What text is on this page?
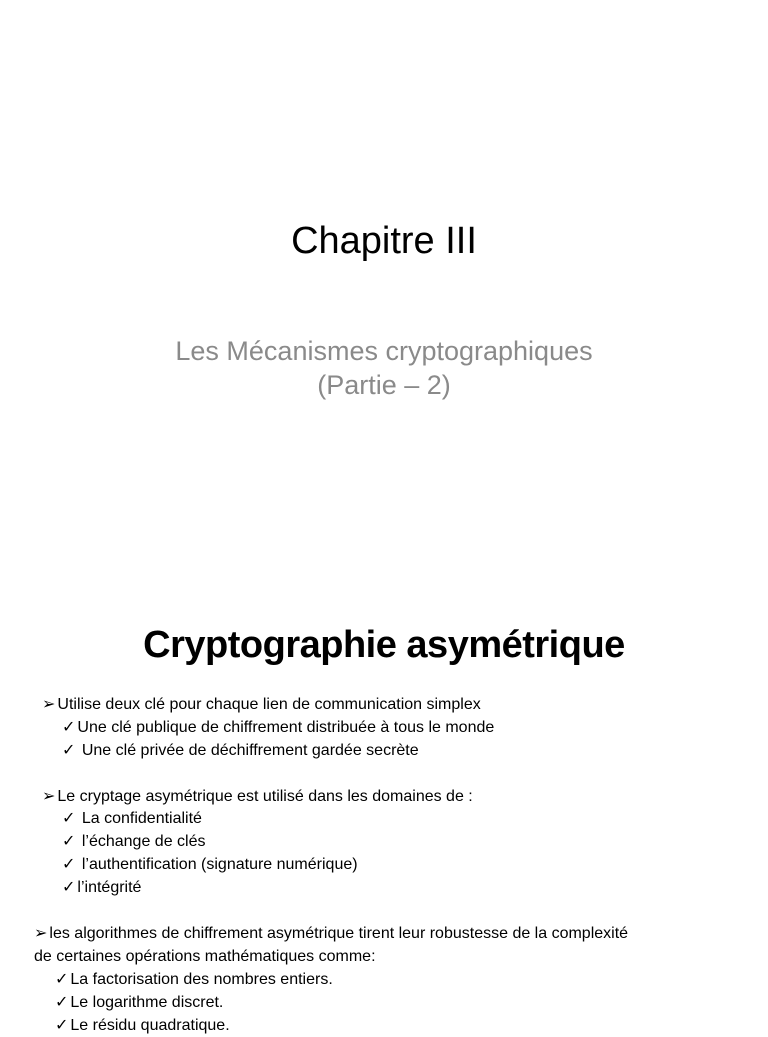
Chapitre III
Les Mécanismes cryptographiques
(Partie – 2)
Cryptographie asymétrique
➢ Utilise deux clé pour chaque lien de communication simplex
✓ Une clé publique de chiffrement distribuée à tous le monde
✓ Une clé privée de déchiffrement gardée secrète
➢ Le cryptage asymétrique est utilisé dans les domaines de :
✓ La confidentialité
✓ l’échange de clés
✓ l’authentification (signature numérique)
✓ l’intégrité
➢ les algorithmes de chiffrement asymétrique tirent leur robustesse de la complexité
de certaines opérations mathématiques comme:
✓ La factorisation des nombres entiers.
✓ Le logarithme discret.
✓ Le résidu quadratique.
